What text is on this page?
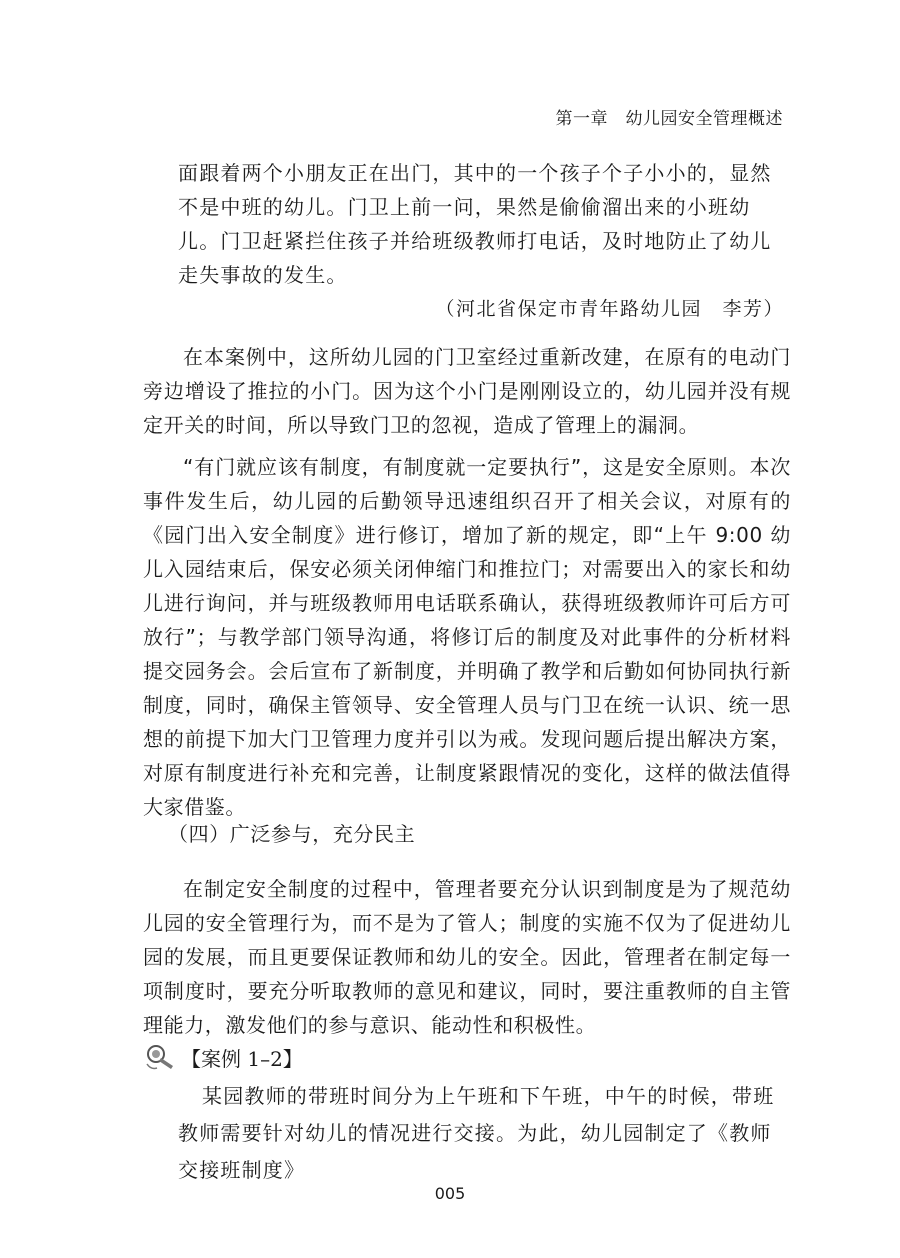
第一章　幼儿园安全管理概述

面跟着两个小朋友正在出门，其中的一个孩子个子小小的，显然不是中班的幼儿。门卫上前一问，果然是偷偷溜出来的小班幼儿。门卫赶紧拦住孩子并给班级教师打电话，及时地防止了幼儿走失事故的发生。

（河北省保定市青年路幼儿园　李芳）

在本案例中，这所幼儿园的门卫室经过重新改建，在原有的电动门旁边增设了推拉的小门。因为这个小门是刚刚设立的，幼儿园并没有规定开关的时间，所以导致门卫的忽视，造成了管理上的漏洞。

“有门就应该有制度，有制度就一定要执行”，这是安全原则。本次事件发生后，幼儿园的后勤领导迅速组织召开了相关会议，对原有的《园门出入安全制度》进行修订，增加了新的规定，即“上午 9:00 幼儿入园结束后，保安必须关闭伸缩门和推拉门；对需要出入的家长和幼儿进行询问，并与班级教师用电话联系确认，获得班级教师许可后方可放行”；与教学部门领导沟通，将修订后的制度及对此事件的分析材料提交园务会。会后宣布了新制度，并明确了教学和后勤如何协同执行新制度，同时，确保主管领导、安全管理人员与门卫在统一认识、统一思想的前提下加大门卫管理力度并引以为戒。发现问题后提出解决方案，对原有制度进行补充和完善，让制度紧跟情况的变化，这样的做法值得大家借鉴。

（四）广泛参与，充分民主

在制定安全制度的过程中，管理者要充分认识到制度是为了规范幼儿园的安全管理行为，而不是为了管人；制度的实施不仅为了促进幼儿园的发展，而且更要保证教师和幼儿的安全。因此，管理者在制定每一项制度时，要充分听取教师的意见和建议，同时，要注重教师的自主管理能力，激发他们的参与意识、能动性和积极性。

【案例 1–2】

某园教师的带班时间分为上午班和下午班，中午的时候，带班教师需要针对幼儿的情况进行交接。为此，幼儿园制定了《教师交接班制度》

005
